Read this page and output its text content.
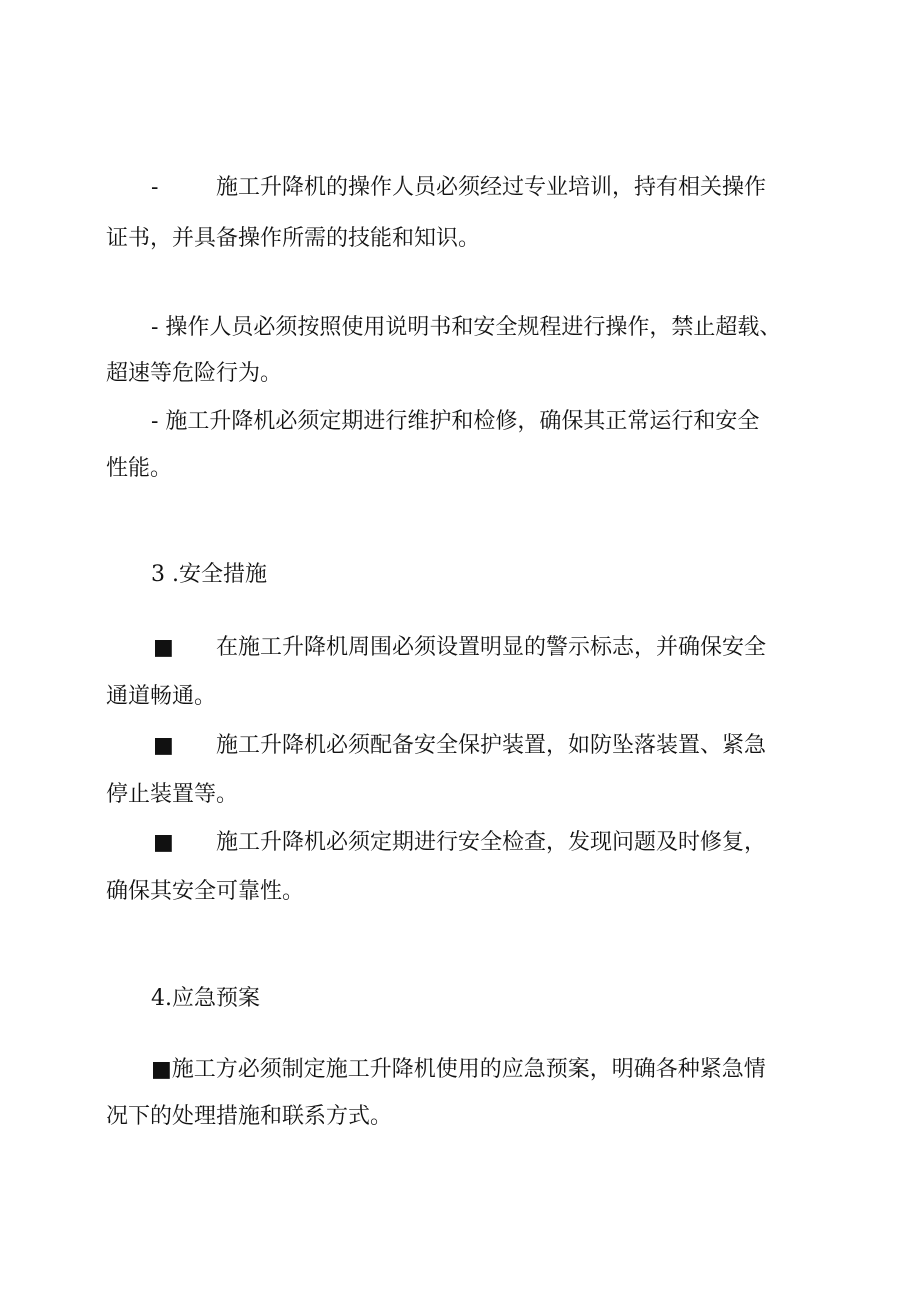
-	施工升降机的操作人员必须经过专业培训，持有相关操作
证书，并具备操作所需的技能和知识。
- 操作人员必须按照使用说明书和安全规程进行操作，禁止超载、
超速等危险行为。
- 施工升降机必须定期进行维护和检修，确保其正常运行和安全
性能。
3 .安全措施
■ 在施工升降机周围必须设置明显的警示标志，并确保安全
通道畅通。
■ 施工升降机必须配备安全保护装置，如防坠落装置、紧急
停止装置等。
■ 施工升降机必须定期进行安全检查，发现问题及时修复，
确保其安全可靠性。
4.应急预案
■施工方必须制定施工升降机使用的应急预案，明确各种紧急情
况下的处理措施和联系方式。
